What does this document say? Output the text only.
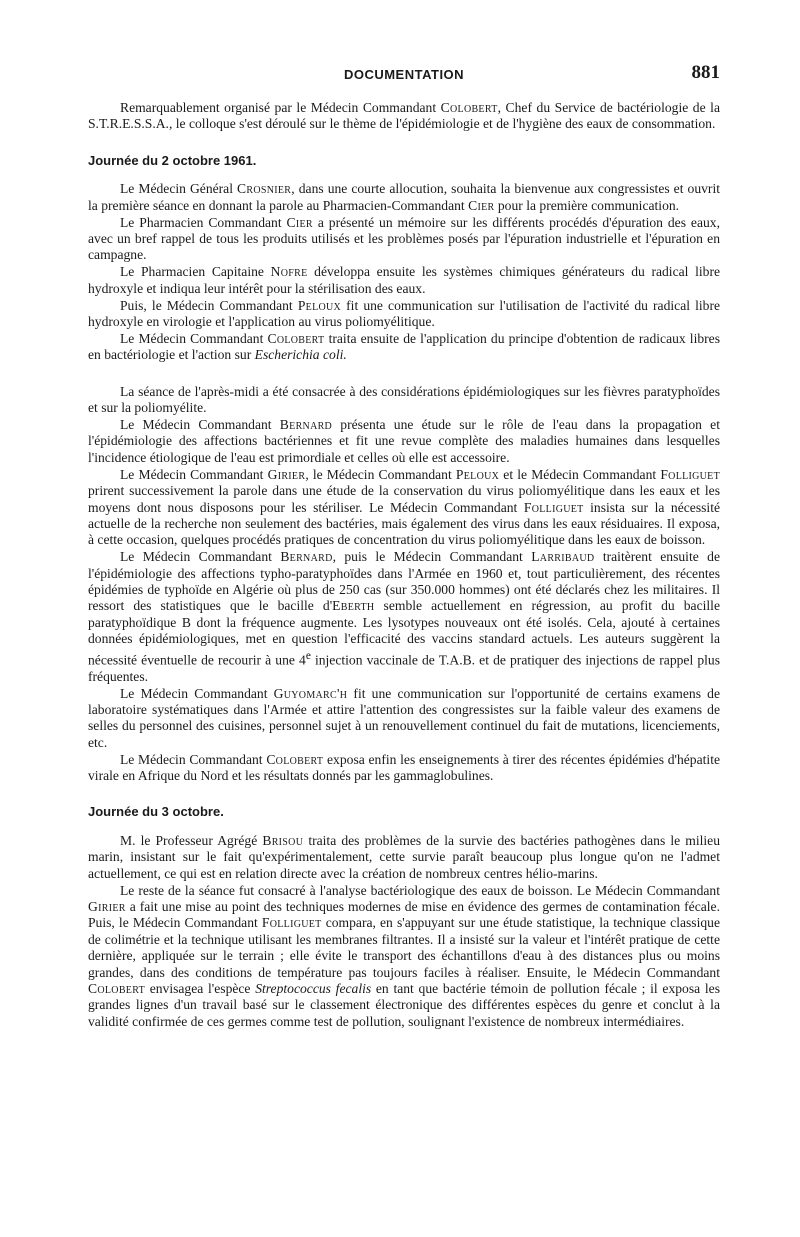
DOCUMENTATION	881

Remarquablement organisé par le Médecin Commandant Colobert, Chef du Service de bactériologie de la S.T.R.E.S.S.A., le colloque s'est déroulé sur le thème de l'épidémiologie et de l'hygiène des eaux de consommation.

Journée du 2 octobre 1961.

Le Médecin Général Crosnier, dans une courte allocution, souhaita la bienvenue aux congressistes et ouvrit la première séance en donnant la parole au Pharmacien-Commandant Cier pour la première communication.

Le Pharmacien Commandant Cier a présenté un mémoire sur les différents procédés d'épuration des eaux, avec un bref rappel de tous les produits utilisés et les problèmes posés par l'épuration industrielle et l'épuration en campagne.

Le Pharmacien Capitaine Nofre développa ensuite les systèmes chimiques générateurs du radical libre hydroxyle et indiqua leur intérêt pour la stérilisation des eaux.

Puis, le Médecin Commandant Peloux fit une communication sur l'utilisation de l'activité du radical libre hydroxyle en virologie et l'application au virus poliomyélitique.

Le Médecin Commandant Colobert traita ensuite de l'application du principe d'obtention de radicaux libres en bactériologie et l'action sur Escherichia coli.

La séance de l'après-midi a été consacrée à des considérations épidémiologiques sur les fièvres paratyphoïdes et sur la poliomyélite.

Le Médecin Commandant Bernard présenta une étude sur le rôle de l'eau dans la propagation et l'épidémiologie des affections bactériennes et fit une revue complète des maladies humaines dans lesquelles l'incidence étiologique de l'eau est primordiale et celles où elle est accessoire.

Le Médecin Commandant Girier, le Médecin Commandant Peloux et le Médecin Commandant Folliguet prirent successivement la parole dans une étude de la conservation du virus poliomyélitique dans les eaux et les moyens dont nous disposons pour les stériliser. Le Médecin Commandant Folliguet insista sur la nécessité actuelle de la recherche non seulement des bactéries, mais également des virus dans les eaux résiduaires. Il exposa, à cette occasion, quelques procédés pratiques de concentration du virus poliomyélitique dans les eaux de boisson.

Le Médecin Commandant Bernard, puis le Médecin Commandant Larribaud traitèrent ensuite de l'épidémiologie des affections typho-paratyphoïdes dans l'Armée en 1960 et, tout particulièrement, des récentes épidémies de typhoïde en Algérie où plus de 250 cas (sur 350.000 hommes) ont été déclarés chez les militaires. Il ressort des statistiques que le bacille d'Eberth semble actuellement en régression, au profit du bacille paratyphoïdique B dont la fréquence augmente. Les lysotypes nouveaux ont été isolés. Cela, ajouté à certaines données épidémiologiques, met en question l'efficacité des vaccins standard actuels. Les auteurs suggèrent la nécessité éventuelle de recourir à une 4e injection vaccinale de T.A.B. et de pratiquer des injections de rappel plus fréquentes.

Le Médecin Commandant Guyomarc'h fit une communication sur l'opportunité de certains examens de laboratoire systématiques dans l'Armée et attire l'attention des congressistes sur la faible valeur des examens de selles du personnel des cuisines, personnel sujet à un renouvellement continuel du fait de mutations, licenciements, etc.

Le Médecin Commandant Colobert exposa enfin les enseignements à tirer des récentes épidémies d'hépatite virale en Afrique du Nord et les résultats donnés par les gammaglobulines.

Journée du 3 octobre.

M. le Professeur Agrégé Brisou traita des problèmes de la survie des bactéries pathogènes dans le milieu marin, insistant sur le fait qu'expérimentalement, cette survie paraît beaucoup plus longue qu'on ne l'admet actuellement, ce qui est en relation directe avec la création de nombreux centres hélio-marins.

Le reste de la séance fut consacré à l'analyse bactériologique des eaux de boisson. Le Médecin Commandant Girier a fait une mise au point des techniques modernes de mise en évidence des germes de contamination fécale. Puis, le Médecin Commandant Folliguet compara, en s'appuyant sur une étude statistique, la technique classique de colimétrie et la technique utilisant les membranes filtrantes. Il a insisté sur la valeur et l'intérêt pratique de cette dernière, appliquée sur le terrain ; elle évite le transport des échantillons d'eau à des distances plus ou moins grandes, dans des conditions de température pas toujours faciles à réaliser. Ensuite, le Médecin Commandant Colobert envisagea l'espèce Streptococcus fecalis en tant que bactérie témoin de pollution fécale ; il exposa les grandes lignes d'un travail basé sur le classement électronique des différentes espèces du genre et conclut à la validité confirmée de ces germes comme test de pollution, soulignant l'existence de nombreux intermédiaires.
